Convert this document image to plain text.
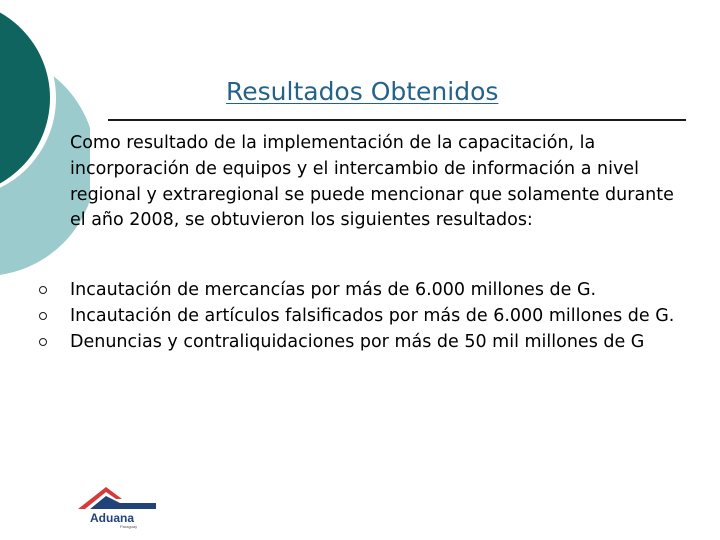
Resultados Obtenidos

Como resultado de la implementación de la capacitación, la incorporación de equipos y el intercambio de información a nivel regional y extraregional se puede mencionar que solamente durante el año 2008, se obtuvieron los siguientes resultados:

Incautación de mercancías por más de 6.000 millones de G.
Incautación de artículos falsificados por más de 6.000 millones de G.
Denuncias y contraliquidaciones por más de 50 mil millones de G
Aduana
Paraguay
